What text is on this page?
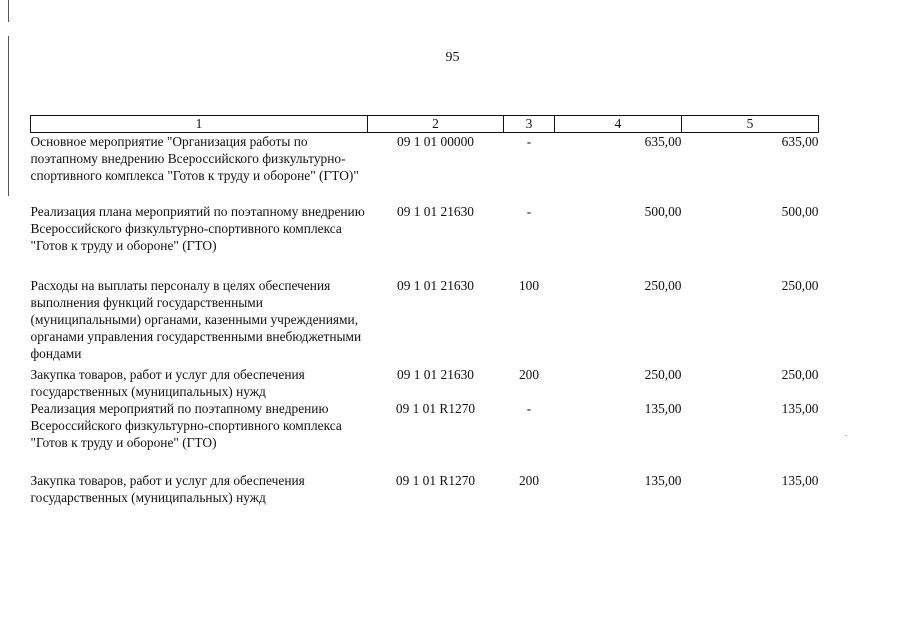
95
1	2	3	4	5
Основное мероприятие "Организация работы по поэтапному внедрению Всероссийского физкультурно-спортивного комплекса "Готов к труду и обороне" (ГТО)"	09 1 01 00000	-	635,00	635,00
Реализация плана мероприятий по поэтапному внедрению Всероссийского физкультурно-спортивного комплекса "Готов к труду и обороне" (ГТО)	09 1 01 21630	-	500,00	500,00
Расходы на выплаты персоналу в целях обеспечения выполнения функций государственными (муниципальными) органами, казенными учреждениями, органами управления государственными внебюджетными фондами	09 1 01 21630	100	250,00	250,00
Закупка товаров, работ и услуг для обеспечения государственных (муниципальных) нужд	09 1 01 21630	200	250,00	250,00
Реализация мероприятий по поэтапному внедрению Всероссийского физкультурно-спортивного комплекса "Готов к труду и обороне" (ГТО)	09 1 01 R1270	-	135,00	135,00
Закупка товаров, работ и услуг для обеспечения государственных (муниципальных) нужд	09 1 01 R1270	200	135,00	135,00
